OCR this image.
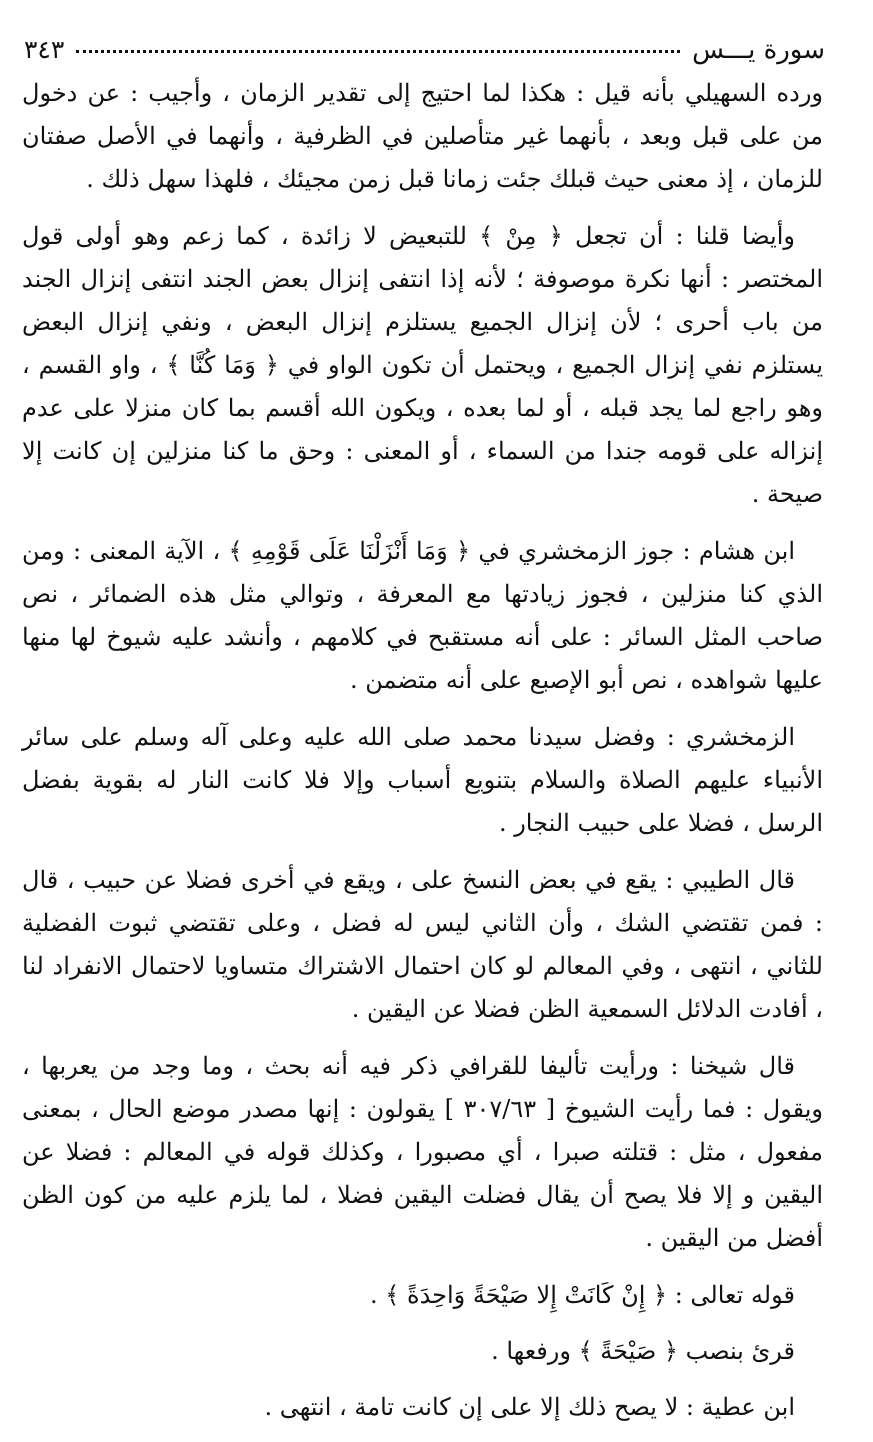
سورة يـــس
٣٤٣

ورده السهيلي بأنه قيل : هكذا لما احتيج إلى تقدير الزمان ، وأجيب : عن دخول من على قبل وبعد ، بأنهما غير متأصلين في الظرفية ، وأنهما في الأصل صفتان للزمان ، إذ معنى حيث قبلك جئت زمانا قبل زمن مجيئك ، فلهذا سهل ذلك .

وأيضا قلنا : أن تجعل ﴿ مِنْ ﴾ للتبعيض لا زائدة ، كما زعم وهو أولى قول المختصر : أنها نكرة موصوفة ؛ لأنه إذا انتفى إنزال بعض الجند انتفى إنزال الجند من باب أحرى ؛ لأن إنزال الجميع يستلزم إنزال البعض ، ونفي إنزال البعض يستلزم نفي إنزال الجميع ، ويحتمل أن تكون الواو في ﴿ وَمَا كُنَّا ﴾ ، واو القسم ، وهو راجع لما يجد قبله ، أو لما بعده ، ويكون الله أقسم بما كان منزلا على عدم إنزاله على قومه جندا من السماء ، أو المعنى : وحق ما كنا منزلين إن كانت إلا صيحة .

ابن هشام : جوز الزمخشري في ﴿ وَمَا أَنْزَلْنَا عَلَى قَوْمِهِ ﴾ ، الآية المعنى : ومن الذي كنا منزلين ، فجوز زيادتها مع المعرفة ، وتوالي مثل هذه الضمائر ، نص صاحب المثل السائر : على أنه مستقبح في كلامهم ، وأنشد عليه شيوخ لها منها عليها شواهده ، نص أبو الإصبع على أنه متضمن .

الزمخشري : وفضل سيدنا محمد صلى الله عليه وعلى آله وسلم على سائر الأنبياء عليهم الصلاة والسلام بتنويع أسباب وإلا فلا كانت النار له بقوية بفضل الرسل ، فضلا على حبيب النجار .

قال الطيبي : يقع في بعض النسخ على ، ويقع في أخرى فضلا عن حبيب ، قال : فمن تقتضي الشك ، وأن الثاني ليس له فضل ، وعلى تقتضي ثبوت الفضلية للثاني ، انتهى ، وفي المعالم لو كان احتمال الاشتراك متساويا لاحتمال الانفراد لنا ، أفادت الدلائل السمعية الظن فضلا عن اليقين .

قال شيخنا : ورأيت تأليفا للقرافي ذكر فيه أنه بحث ، وما وجد من يعربها ، ويقول : فما رأيت الشيوخ [ ٣٠٧/٦٣ ] يقولون : إنها مصدر موضع الحال ، بمعنى مفعول ، مثل : قتلته صبرا ، أي مصبورا ، وكذلك قوله في المعالم : فضلا عن اليقين و إلا فلا يصح أن يقال فضلت اليقين فضلا ، لما يلزم عليه من كون الظن أفضل من اليقين .

قوله تعالى : ﴿ إِنْ كَانَتْ إِلا صَيْحَةً وَاحِدَةً ﴾ .

قرئ بنصب ﴿ صَيْحَةً ﴾ ورفعها .

ابن عطية : لا يصح ذلك إلا على إن كانت تامة ، انتهى .
